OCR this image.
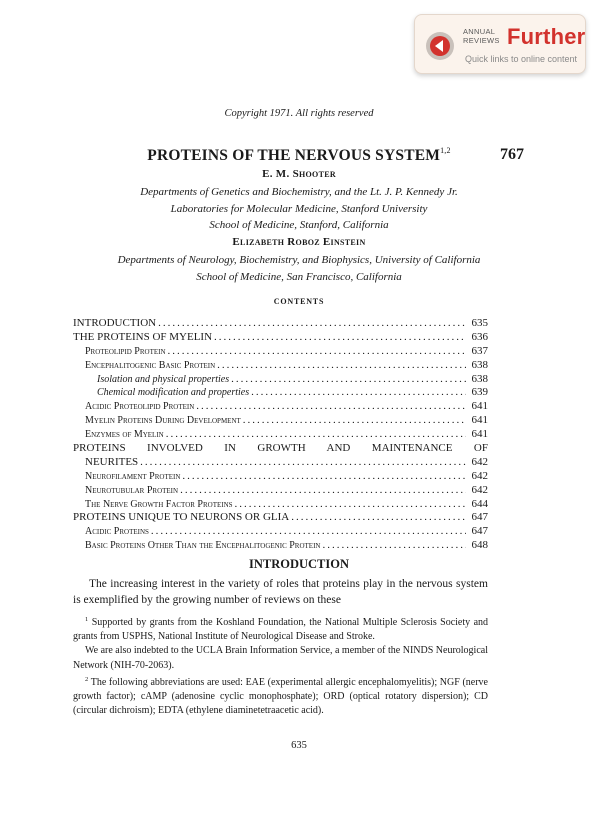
ANNUAL
REVIEWS Further
Quick links to online content
Copyright 1971. All rights reserved
PROTEINS OF THE NERVOUS SYSTEM$^{1,2}$	767
E. M. Shooter
Departments of Genetics and Biochemistry, and the Lt. J. P. Kennedy Jr.
Laboratories for Molecular Medicine, Stanford University
School of Medicine, Stanford, California
Elizabeth Roboz Einstein
Departments of Neurology, Biochemistry, and Biophysics, University of California
School of Medicine, San Francisco, California
CONTENTS
INTRODUCTION .....	635
THE PROTEINS OF MYELIN .....	636
Proteolipid Protein .....	637
Encephalitogenic Basic Protein .....	638
Isolation and physical properties .....	638
Chemical modification and properties .....	639
Acidic Proteolipid Protein .....	641
Myelin Proteins During Development .....	641
Enzymes of Myelin .....	641
PROTEINS INVOLVED IN GROWTH AND MAINTENANCE OF
NEURITES .....	642
Neurofilament Protein .....	642
Neurotubular Protein .....	642
The Nerve Growth Factor Proteins .....	644
PROTEINS UNIQUE TO NEURONS OR GLIA .....	647
Acidic Proteins .....	647
Basic Proteins Other Than the Encephalitogenic Protein .....	648
INTRODUCTION

The increasing interest in the variety of roles that proteins play in the nervous system is exemplified by the growing number of reviews on these

$^1$ Supported by grants from the Koshland Foundation, the National Multiple Sclerosis Society and grants from USPHS, National Institute of Neurological Disease and Stroke.

We are also indebted to the UCLA Brain Information Service, a member of the NINDS Neurological Network (NIH-70-2063).

$^2$ The following abbreviations are used: EAE (experimental allergic encephalomyelitis); NGF (nerve growth factor); cAMP (adenosine cyclic monophosphate); ORD (optical rotatory dispersion); CD (circular dichroism); EDTA (ethylene diaminetetraacetic acid).

635
